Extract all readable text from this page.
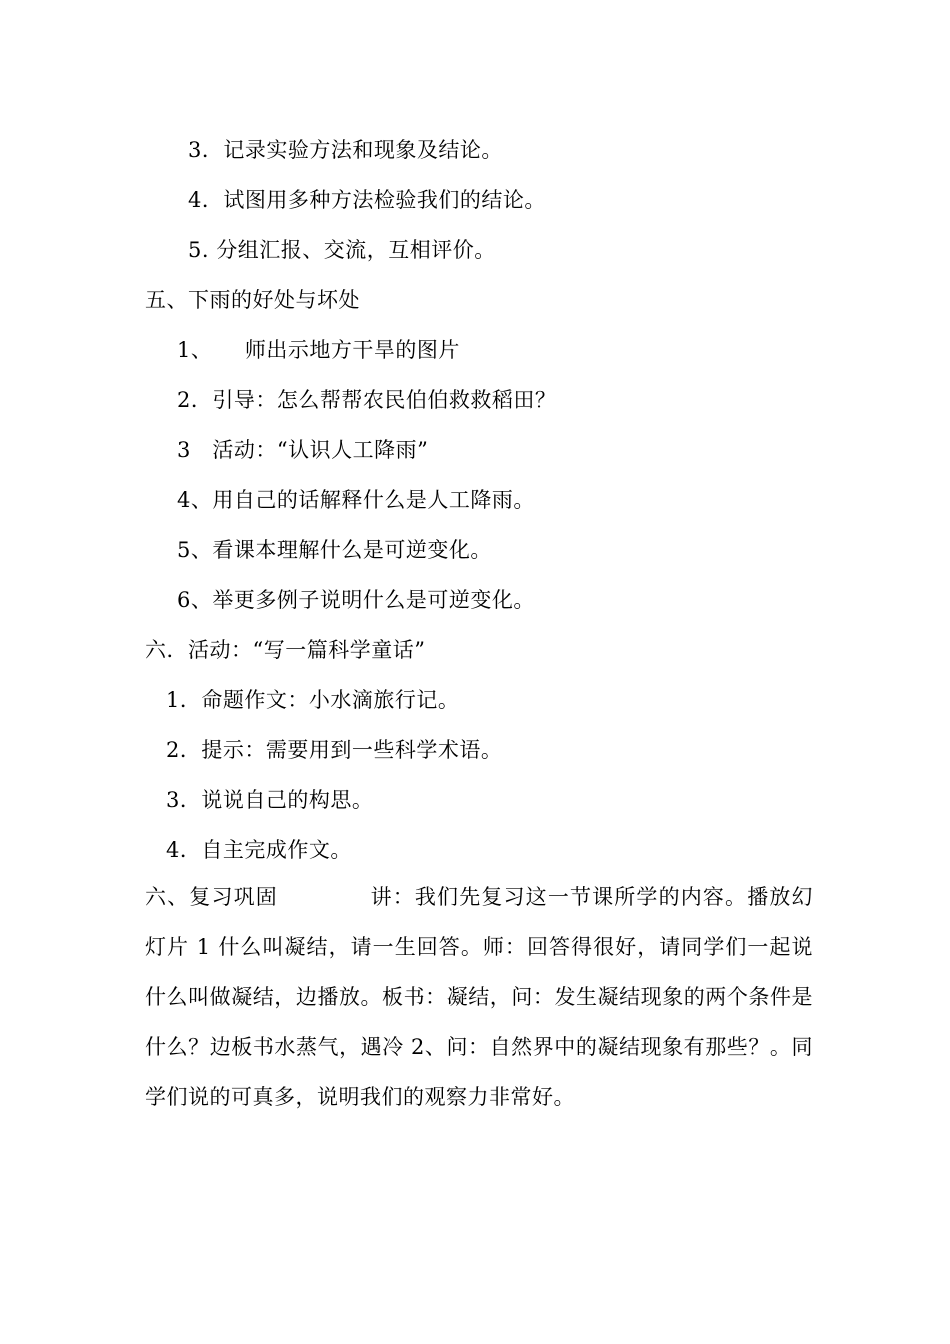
3．记录实验方法和现象及结论。
4．试图用多种方法检验我们的结论。
5. 分组汇报、交流，互相评价。
五、下雨的好处与坏处
1、　　师出示地方干旱的图片
2．引导：怎么帮帮农民伯伯救救稻田？
3　活动：“认识人工降雨”
4、用自己的话解释什么是人工降雨。
5、看课本理解什么是可逆变化。
6、举更多例子说明什么是可逆变化。
六．活动：“写一篇科学童话”
1．命题作文：小水滴旅行记。
2．提示：需要用到一些科学术语。
3．说说自己的构思。
4．自主完成作文。
六、复习巩固	讲：我们先复习这一节课所学的内容。播放幻灯片 1 什么叫凝结，请一生回答。师：回答得很好，请同学们一起说什么叫做凝结，边播放。板书：凝结，问：发生凝结现象的两个条件是什么？边板书水蒸气，遇冷 2、问：自然界中的凝结现象有那些？。同学们说的可真多，说明我们的观察力非常好。
